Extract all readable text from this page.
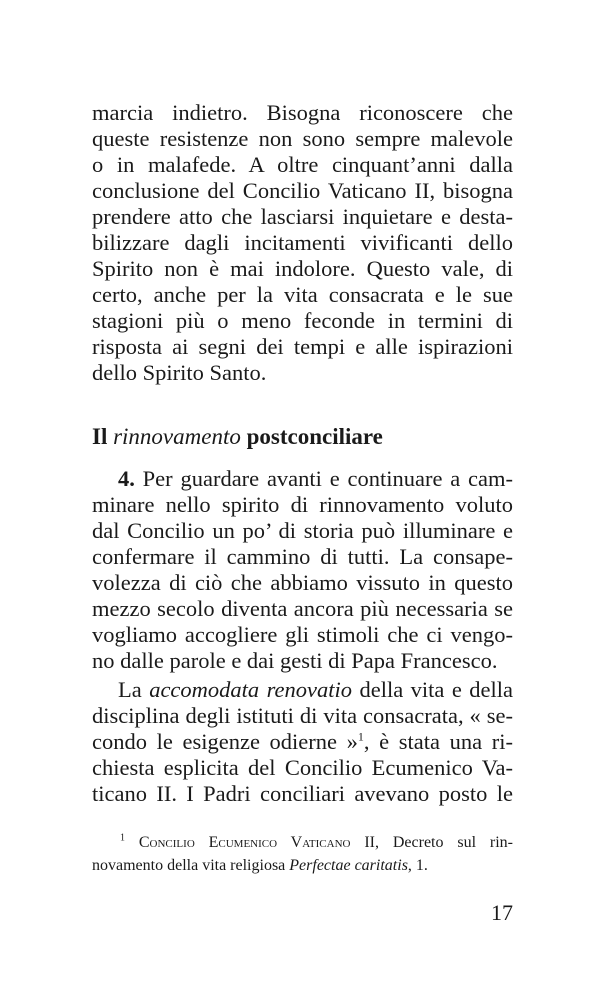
marcia indietro. Bisogna riconoscere che
queste resistenze non sono sempre malevole
o in malafede. A oltre cinquant’anni dalla
conclusione del Concilio Vaticano II, bisogna
prendere atto che lasciarsi inquietare e desta-
bilizzare dagli incitamenti vivificanti dello
Spirito non è mai indolore. Questo vale, di
certo, anche per la vita consacrata e le sue
stagioni più o meno feconde in termini di
risposta ai segni dei tempi e alle ispirazioni
dello Spirito Santo.
Il rinnovamento postconciliare
4. Per guardare avanti e continuare a cam-
minare nello spirito di rinnovamento voluto
dal Concilio un po’ di storia può illuminare e
confermare il cammino di tutti. La consape-
volezza di ciò che abbiamo vissuto in questo
mezzo secolo diventa ancora più necessaria se
vogliamo accogliere gli stimoli che ci vengo-
no dalle parole e dai gesti di Papa Francesco.
La accomodata renovatio della vita e della
disciplina degli istituti di vita consacrata, « se-
condo le esigenze odierne »$^1$, è stata una ri-
chiesta esplicita del Concilio Ecumenico Va-
ticano II. I Padri conciliari avevano posto le
$^1$ Concilio Ecumenico Vaticano II, Decreto sul rin-
novamento della vita religiosa Perfectae caritatis, 1.
17
